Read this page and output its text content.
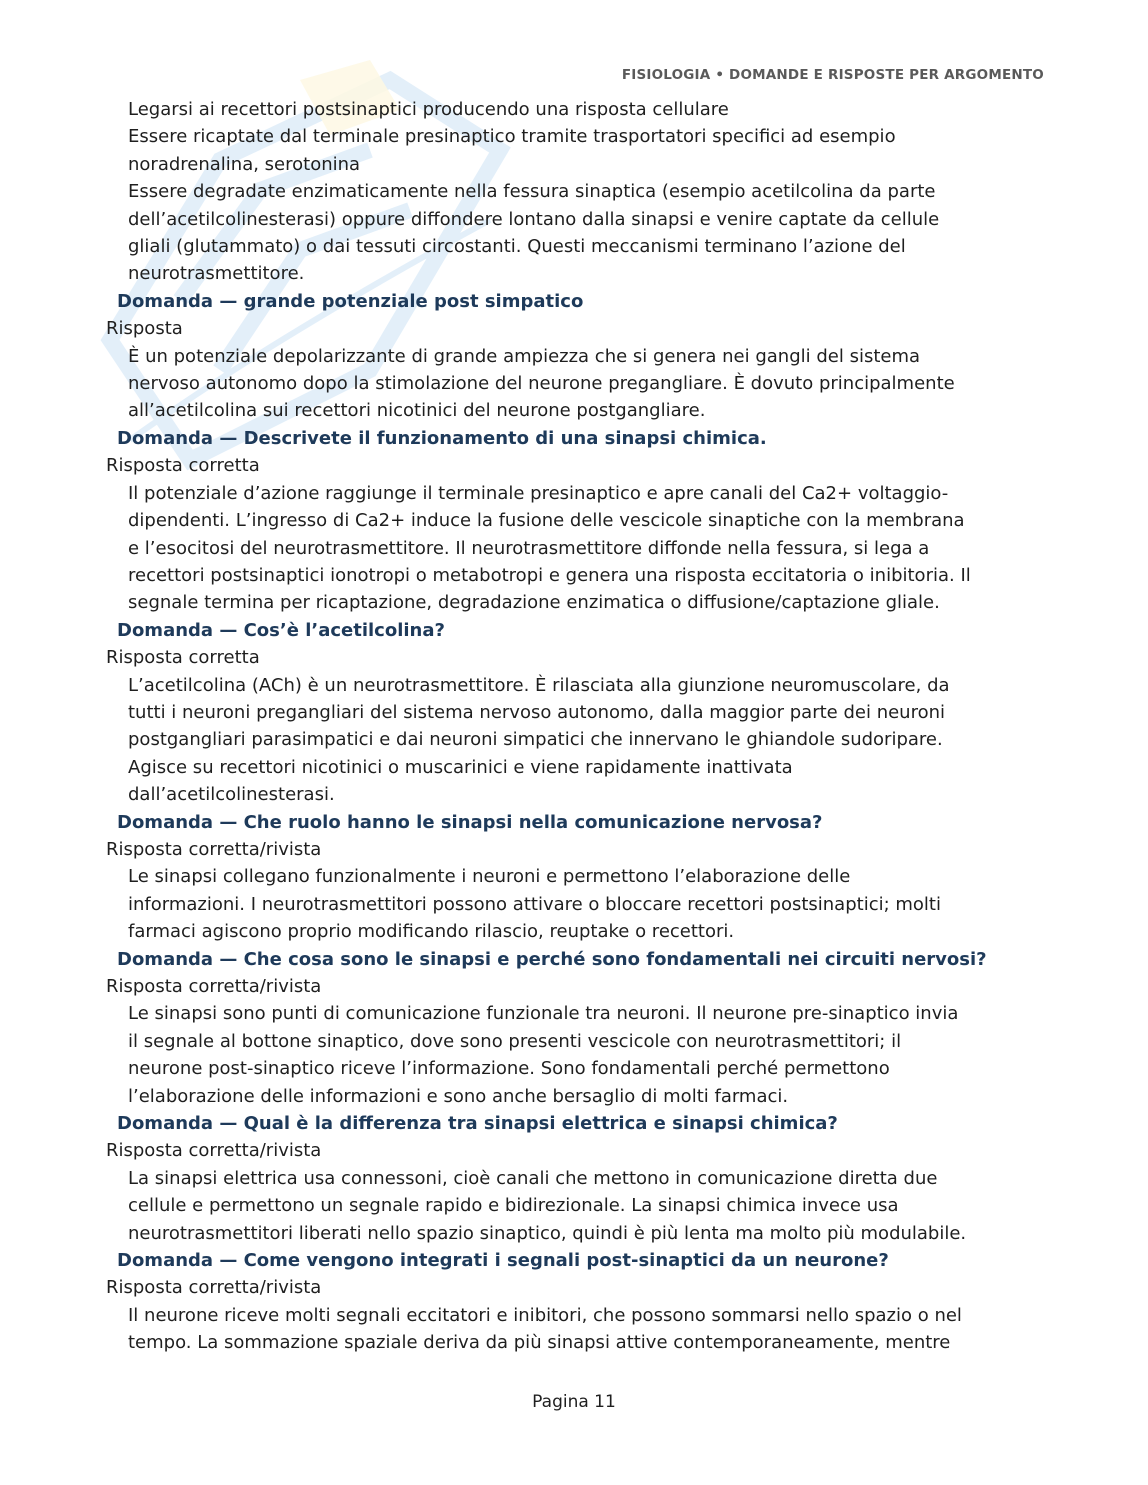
FISIOLOGIA • DOMANDE E RISPOSTE PER ARGOMENTO
Legarsi ai recettori postsinaptici producendo una risposta cellulare
Essere ricaptate dal terminale presinaptico tramite trasportatori specifici ad esempio
noradrenalina, serotonina
Essere degradate enzimaticamente nella fessura sinaptica (esempio acetilcolina da parte
dell’acetilcolinesterasi) oppure diffondere lontano dalla sinapsi e venire captate da cellule
gliali (glutammato) o dai tessuti circostanti. Questi meccanismi terminano l’azione del
neurotrasmettitore.
Domanda — grande potenziale post simpatico
Risposta
È un potenziale depolarizzante di grande ampiezza che si genera nei gangli del sistema
nervoso autonomo dopo la stimolazione del neurone pregangliare. È dovuto principalmente
all’acetilcolina sui recettori nicotinici del neurone postgangliare.
Domanda — Descrivete il funzionamento di una sinapsi chimica.
Risposta corretta
Il potenziale d’azione raggiunge il terminale presinaptico e apre canali del Ca2+ voltaggio-
dipendenti. L’ingresso di Ca2+ induce la fusione delle vescicole sinaptiche con la membrana
e l’esocitosi del neurotrasmettitore. Il neurotrasmettitore diffonde nella fessura, si lega a
recettori postsinaptici ionotropi o metabotropi e genera una risposta eccitatoria o inibitoria. Il
segnale termina per ricaptazione, degradazione enzimatica o diffusione/captazione gliale.
Domanda — Cos’è l’acetilcolina?
Risposta corretta
L’acetilcolina (ACh) è un neurotrasmettitore. È rilasciata alla giunzione neuromuscolare, da
tutti i neuroni pregangliari del sistema nervoso autonomo, dalla maggior parte dei neuroni
postgangliari parasimpatici e dai neuroni simpatici che innervano le ghiandole sudoripare.
Agisce su recettori nicotinici o muscarinici e viene rapidamente inattivata
dall’acetilcolinesterasi.
Domanda — Che ruolo hanno le sinapsi nella comunicazione nervosa?
Risposta corretta/rivista
Le sinapsi collegano funzionalmente i neuroni e permettono l’elaborazione delle
informazioni. I neurotrasmettitori possono attivare o bloccare recettori postsinaptici; molti
farmaci agiscono proprio modificando rilascio, reuptake o recettori.
Domanda — Che cosa sono le sinapsi e perché sono fondamentali nei circuiti nervosi?
Risposta corretta/rivista
Le sinapsi sono punti di comunicazione funzionale tra neuroni. Il neurone pre-sinaptico invia
il segnale al bottone sinaptico, dove sono presenti vescicole con neurotrasmettitori; il
neurone post-sinaptico riceve l’informazione. Sono fondamentali perché permettono
l’elaborazione delle informazioni e sono anche bersaglio di molti farmaci.
Domanda — Qual è la differenza tra sinapsi elettrica e sinapsi chimica?
Risposta corretta/rivista
La sinapsi elettrica usa connessoni, cioè canali che mettono in comunicazione diretta due
cellule e permettono un segnale rapido e bidirezionale. La sinapsi chimica invece usa
neurotrasmettitori liberati nello spazio sinaptico, quindi è più lenta ma molto più modulabile.
Domanda — Come vengono integrati i segnali post-sinaptici da un neurone?
Risposta corretta/rivista
Il neurone riceve molti segnali eccitatori e inibitori, che possono sommarsi nello spazio o nel
tempo. La sommazione spaziale deriva da più sinapsi attive contemporaneamente, mentre
Pagina 11
